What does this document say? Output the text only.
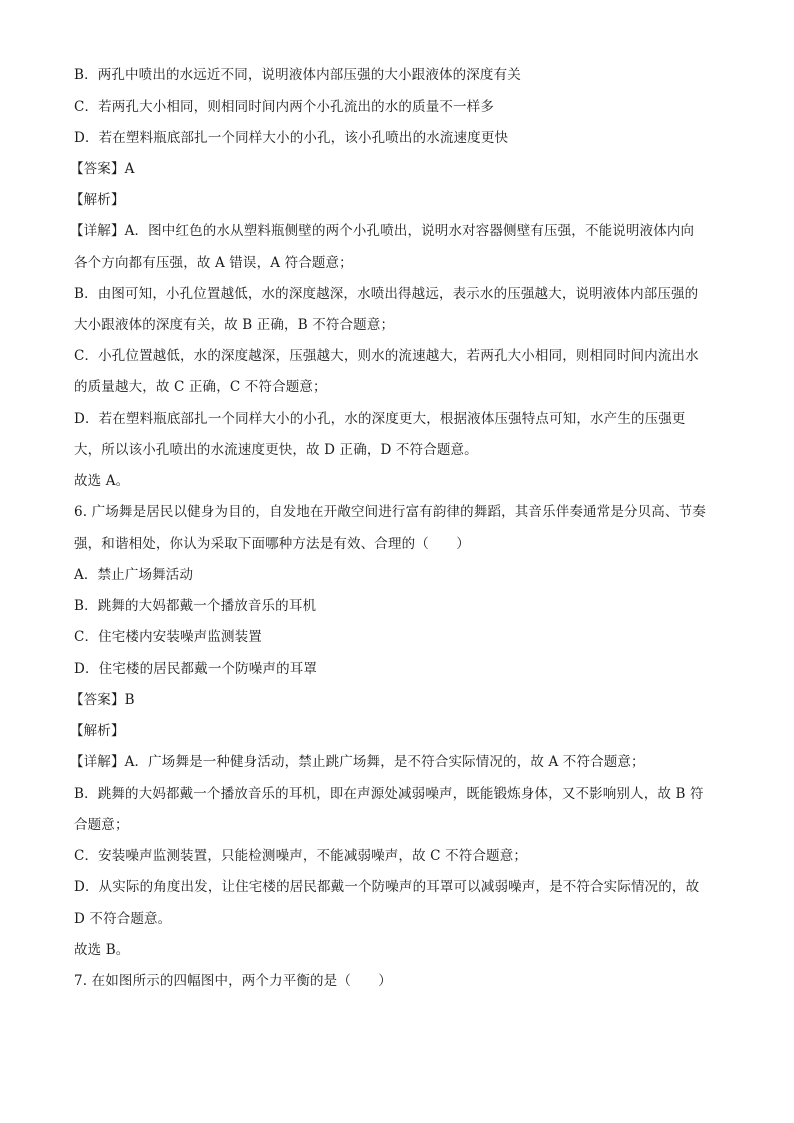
B．两孔中喷出的水远近不同，说明液体内部压强的大小跟液体的深度有关
C．若两孔大小相同，则相同时间内两个小孔流出的水的质量不一样多
D．若在塑料瓶底部扎一个同样大小的小孔，该小孔喷出的水流速度更快
【答案】A
【解析】
【详解】A．图中红色的水从塑料瓶侧壁的两个小孔喷出，说明水对容器侧壁有压强，不能说明液体内向
各个方向都有压强，故 A 错误，A 符合题意；
B．由图可知，小孔位置越低，水的深度越深，水喷出得越远，表示水的压强越大，说明液体内部压强的
大小跟液体的深度有关，故 B 正确，B 不符合题意；
C．小孔位置越低，水的深度越深，压强越大，则水的流速越大，若两孔大小相同，则相同时间内流出水
的质量越大，故 C 正确，C 不符合题意；
D．若在塑料瓶底部扎一个同样大小的小孔，水的深度更大，根据液体压强特点可知，水产生的压强更
大，所以该小孔喷出的水流速度更快，故 D 正确，D 不符合题意。
故选 A。
6. 广场舞是居民以健身为目的，自发地在开敞空间进行富有韵律的舞蹈，其音乐伴奏通常是分贝高、节奏
强，和谐相处，你认为采取下面哪种方法是有效、合理的（　　）
A．禁止广场舞活动
B．跳舞的大妈都戴一个播放音乐的耳机
C．住宅楼内安装噪声监测装置
D．住宅楼的居民都戴一个防噪声的耳罩
【答案】B
【解析】
【详解】A．广场舞是一种健身活动，禁止跳广场舞，是不符合实际情况的，故 A 不符合题意；
B．跳舞的大妈都戴一个播放音乐的耳机，即在声源处减弱噪声，既能锻炼身体，又不影响别人，故 B 符
合题意；
C．安装噪声监测装置，只能检测噪声，不能减弱噪声，故 C 不符合题意；
D．从实际的角度出发，让住宅楼的居民都戴一个防噪声的耳罩可以减弱噪声，是不符合实际情况的，故
D 不符合题意。
故选 B。
7. 在如图所示的四幅图中，两个力平衡的是（　　）
